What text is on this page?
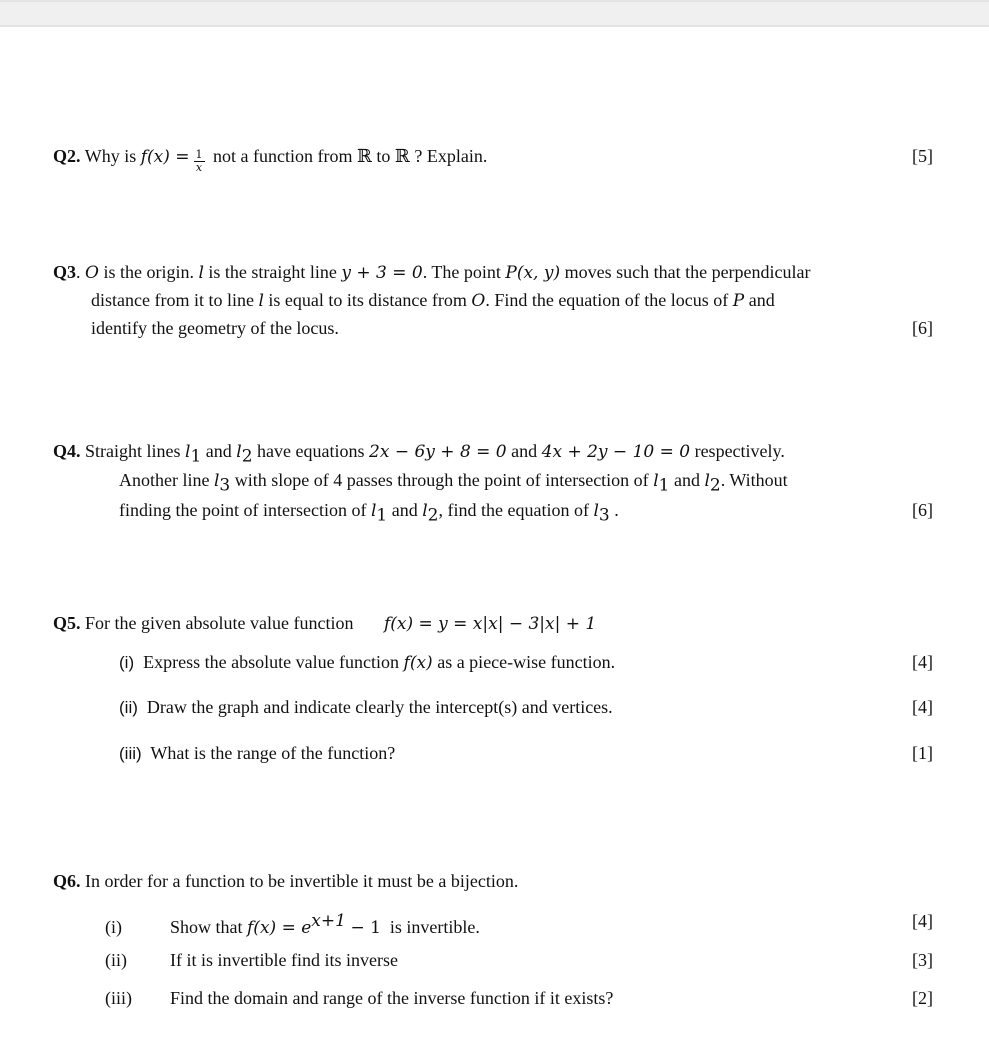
Q2. Why is $f(x) = \frac{1}{x}$ not a function from ℝ to ℝ ? Explain.	[5]
Q3. O is the origin. l is the straight line y + 3 = 0. The point P(x, y) moves such that the perpendicular
distance from it to line l is equal to its distance from O. Find the equation of the locus of P and
identify the geometry of the locus.	[6]
Q4. Straight lines $l_1$ and $l_2$ have equations 2x − 6y + 8 = 0 and 4x + 2y − 10 = 0 respectively.
Another line $l_3$ with slope of 4 passes through the point of intersection of $l_1$ and $l_2$. Without
finding the point of intersection of $l_1$ and $l_2$, find the equation of $l_3$ .	[6]
Q5. For the given absolute value function f(x) = y = x|x| − 3|x| + 1
(i) Express the absolute value function f(x) as a piece-wise function.	[4]
(ii) Draw the graph and indicate clearly the intercept(s) and vertices.	[4]
(iii) What is the range of the function?	[1]
Q6. In order for a function to be invertible it must be a bijection.
(i)	Show that $f(x) = e^{x+1} - 1$ is invertible.	[4]
(ii) If it is invertible find its inverse	[3]
(iii) Find the domain and range of the inverse function if it exists?	[2]
